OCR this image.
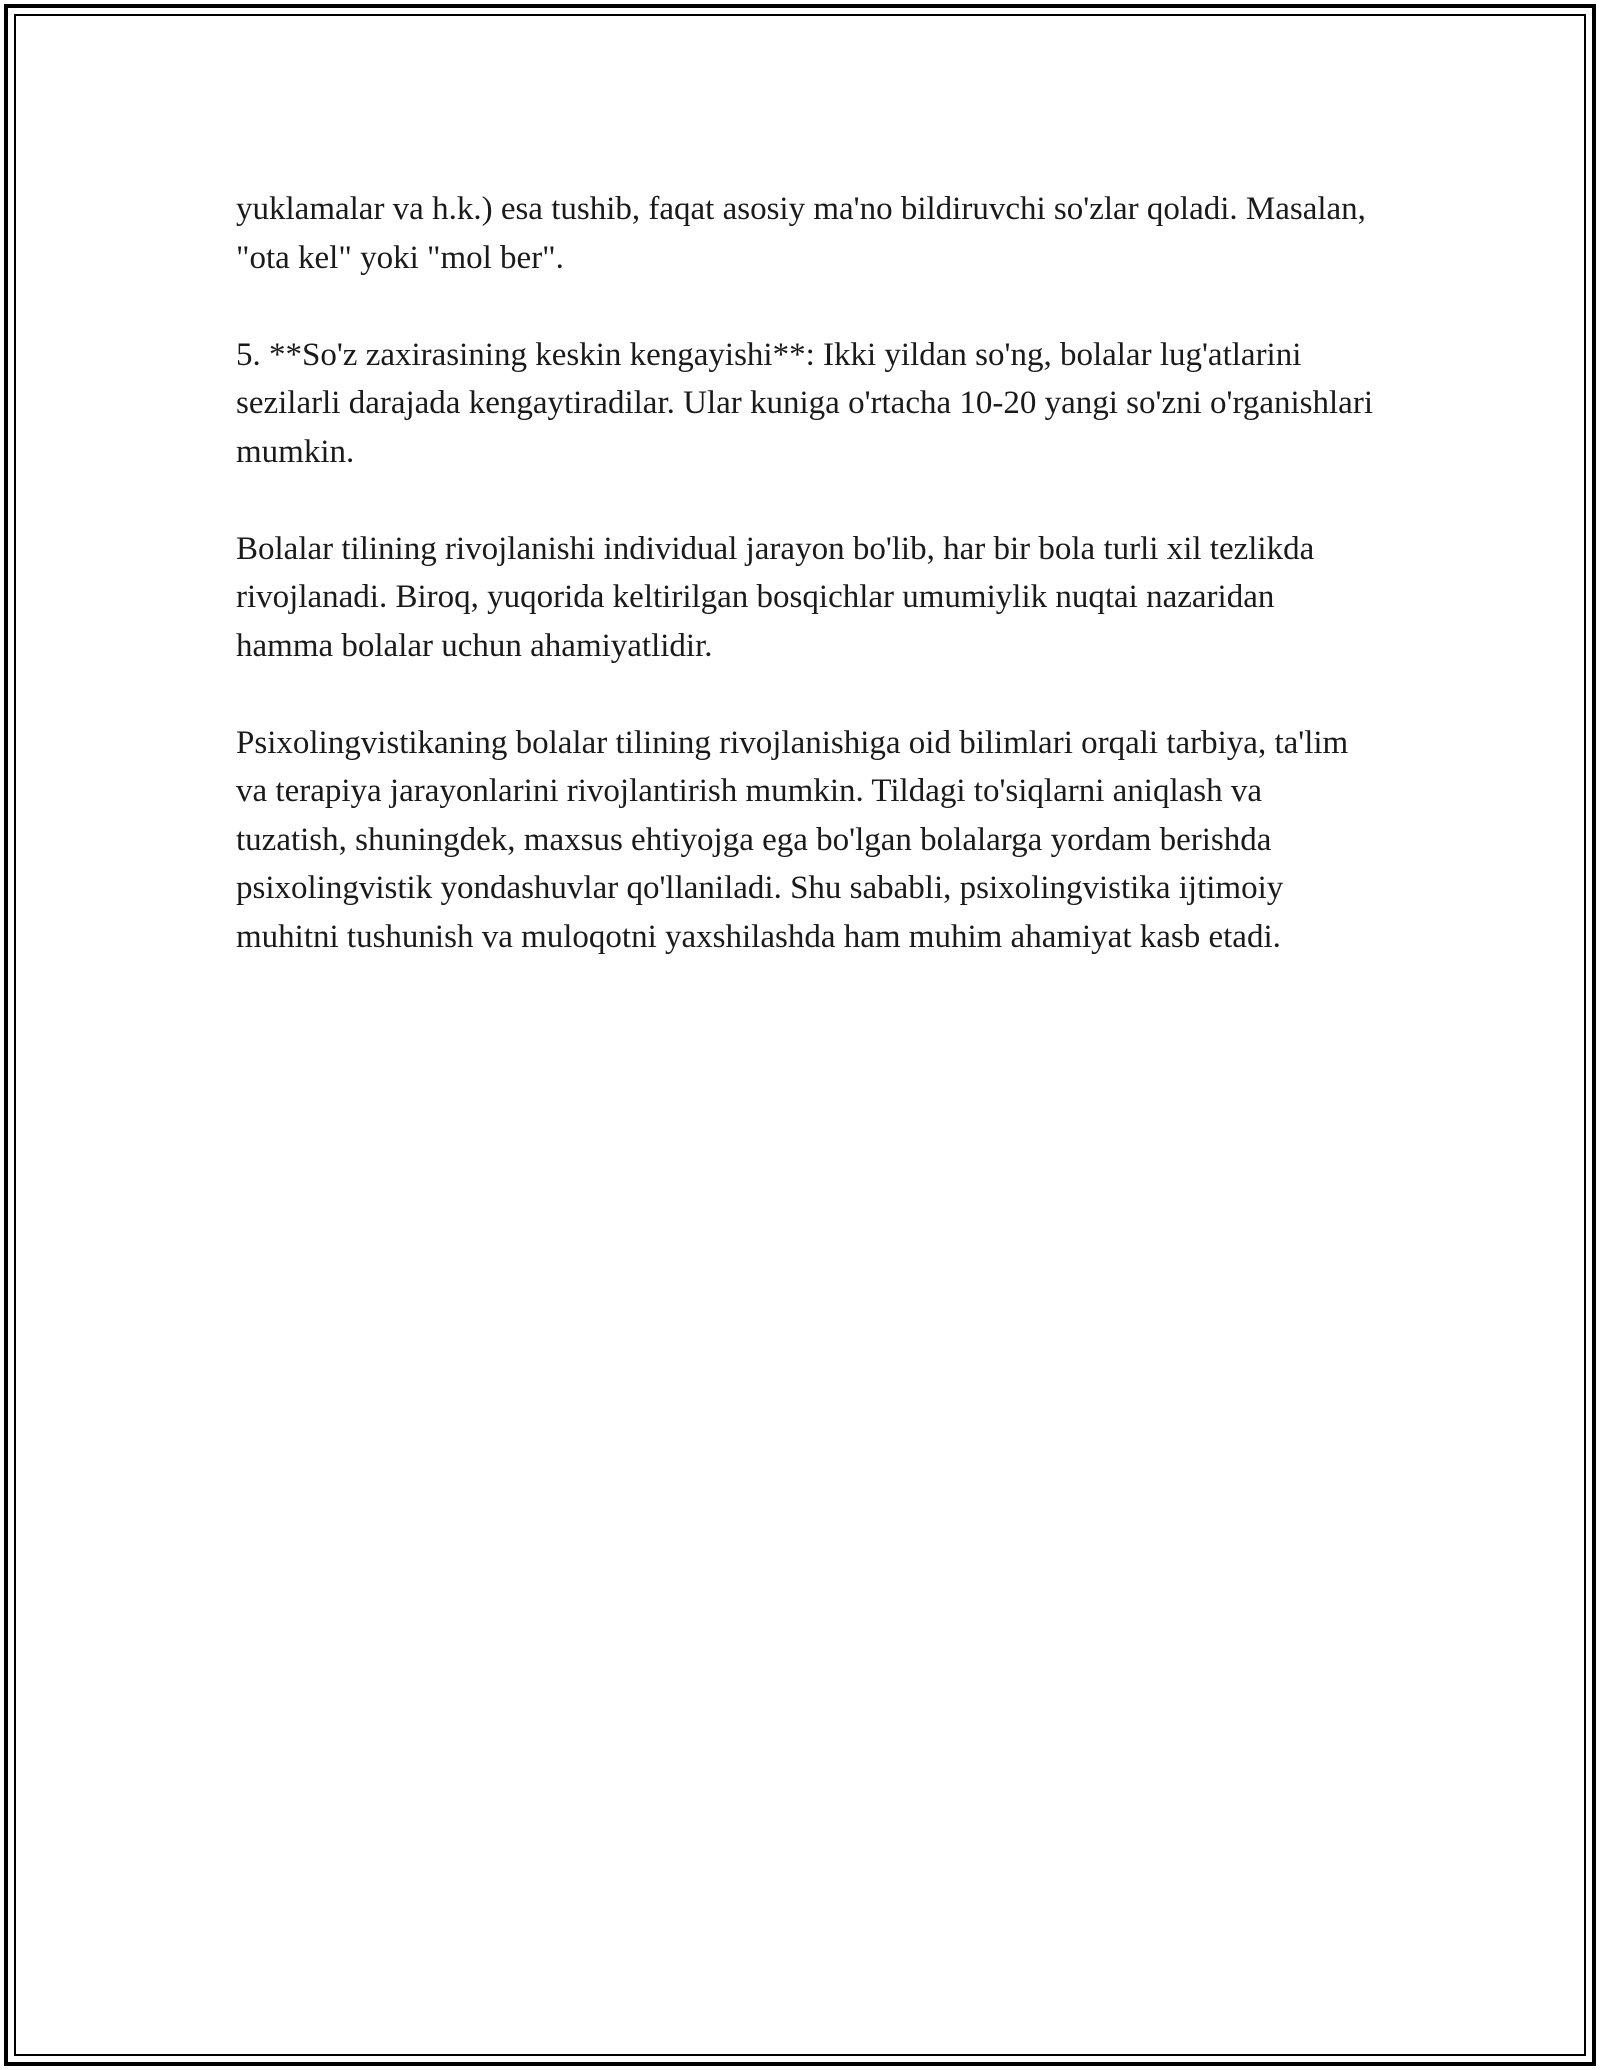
yuklamalar va h.k.) esa tushib, faqat asosiy ma'no bildiruvchi so'zlar qoladi. Masalan, "ota kel" yoki "mol ber".

5. **So'z zaxirasining keskin kengayishi**: Ikki yildan so'ng, bolalar lug'atlarini sezilarli darajada kengaytiradilar. Ular kuniga o'rtacha 10-20 yangi so'zni o'rganishlari mumkin.

Bolalar tilining rivojlanishi individual jarayon bo'lib, har bir bola turli xil tezlikda rivojlanadi. Biroq, yuqorida keltirilgan bosqichlar umumiylik nuqtai nazaridan hamma bolalar uchun ahamiyatlidir.

Psixolingvistikaning bolalar tilining rivojlanishiga oid bilimlari orqali tarbiya, ta'lim va terapiya jarayonlarini rivojlantirish mumkin. Tildagi to'siqlarni aniqlash va tuzatish, shuningdek, maxsus ehtiyojga ega bo'lgan bolalarga yordam berishda psixolingvistik yondashuvlar qo'llaniladi. Shu sababli, psixolingvistika ijtimoiy muhitni tushunish va muloqotni yaxshilashda ham muhim ahamiyat kasb etadi.
